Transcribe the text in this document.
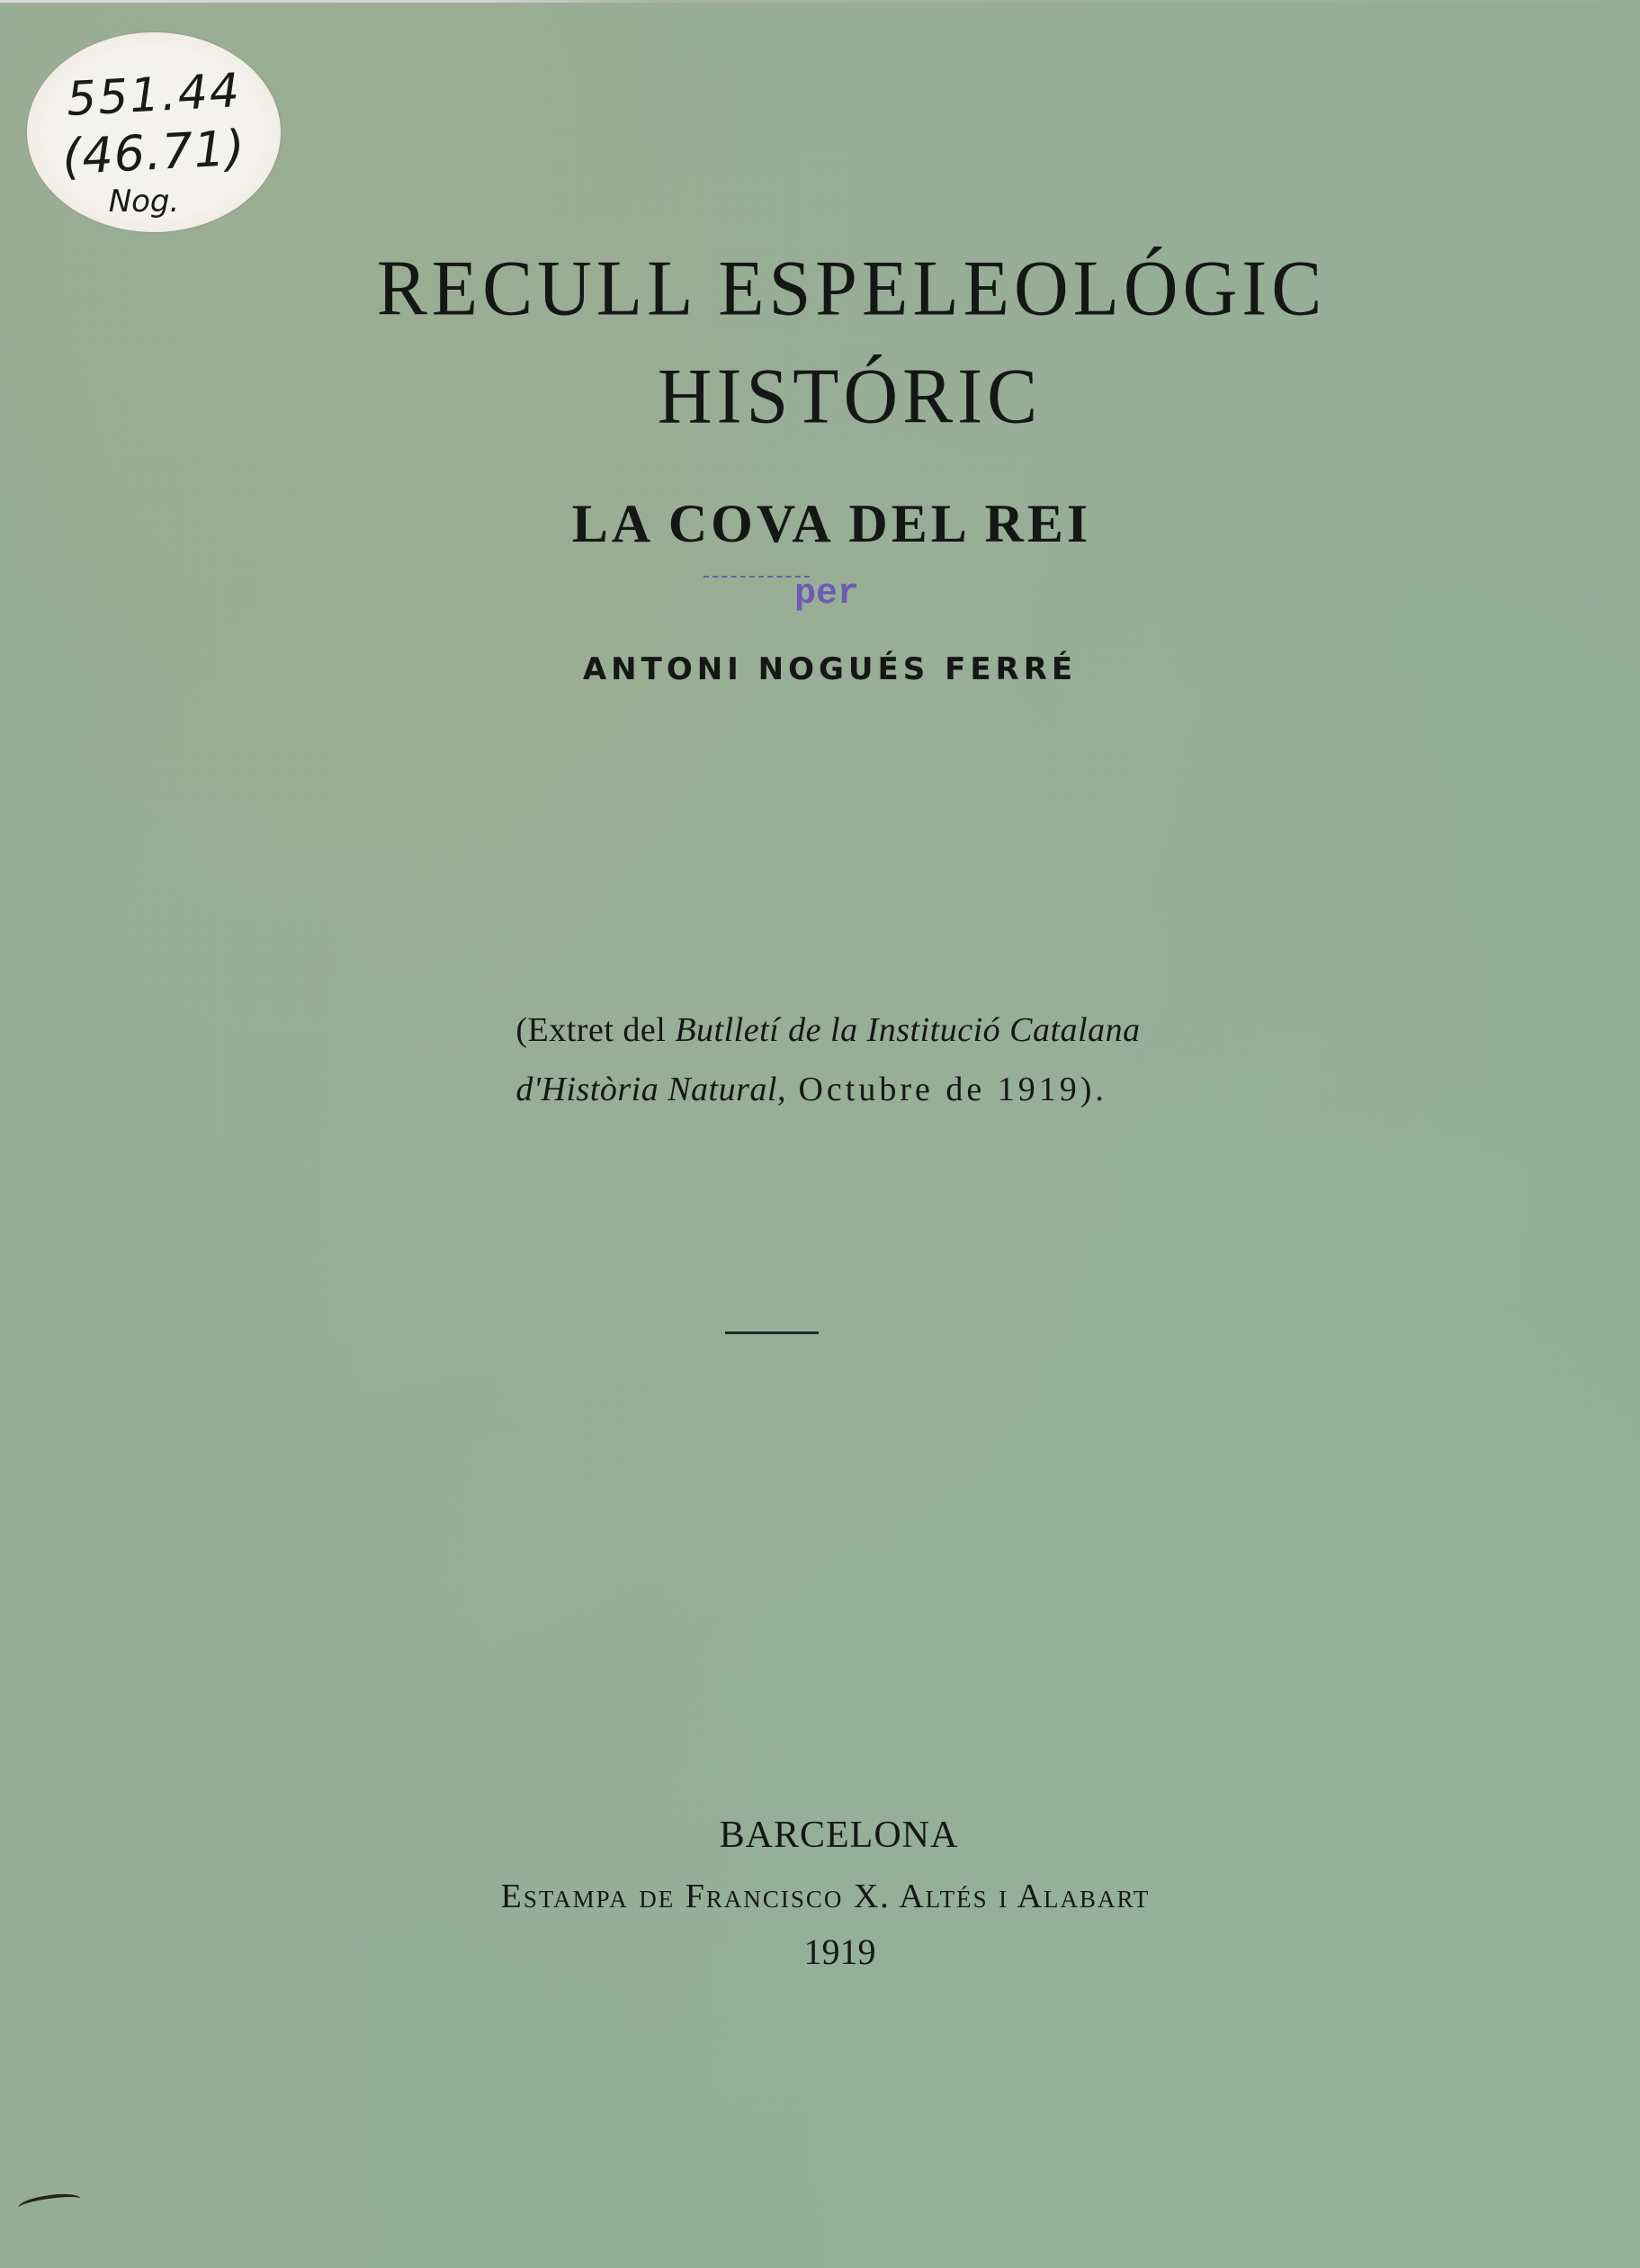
551.44
(46.71)
Nog.
RECULL ESPELEOLÓGIC
HISTÓRIC
LA COVA DEL REI
per
ANTONI NOGUÉS FERRÉ
(Extret del Butlletí de la Institució Catalana
d'Història Natural, Octubre de 1919).
BARCELONA
Estampa de Francisco X. Altés i Alabart
1919
